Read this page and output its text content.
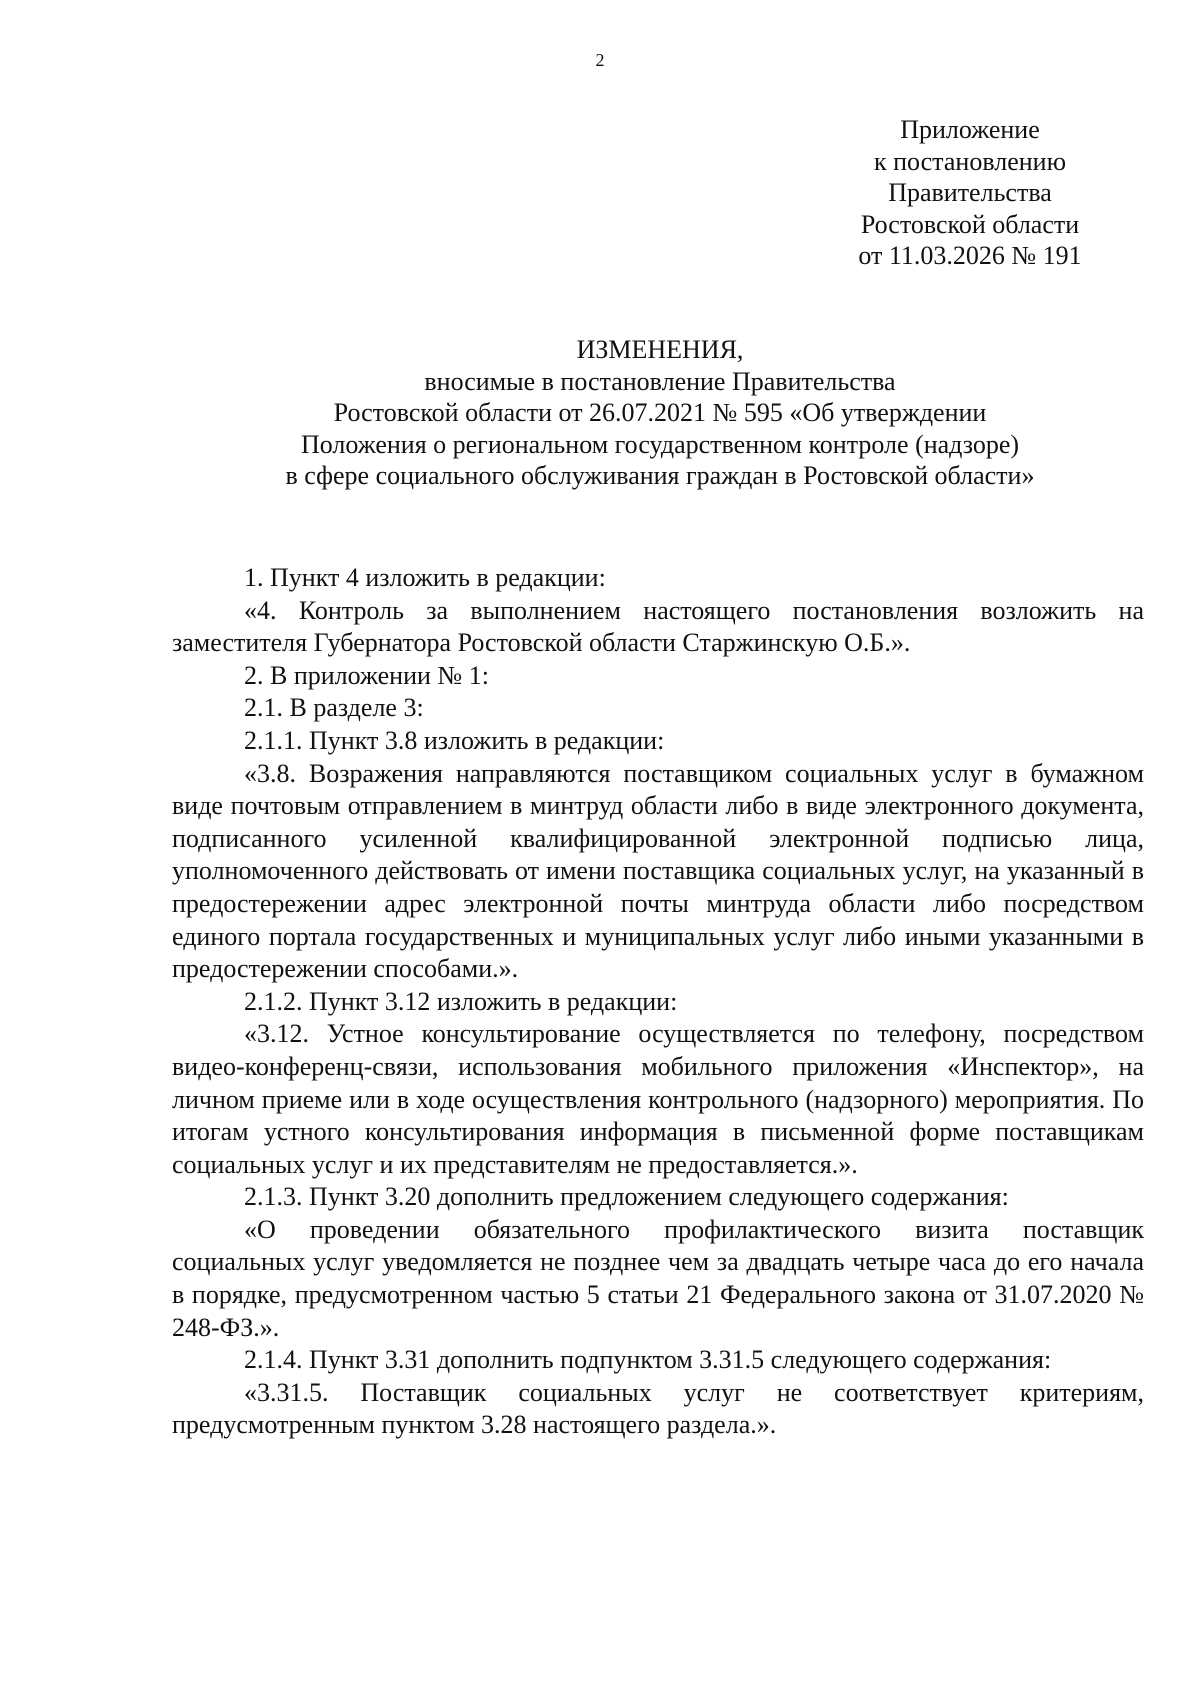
2
Приложение
к постановлению
Правительства
Ростовской области
от 11.03.2026 № 191
ИЗМЕНЕНИЯ,
вносимые в постановление Правительства
Ростовской области от 26.07.2021 № 595 «Об утверждении
Положения о региональном государственном контроле (надзоре)
в сфере социального обслуживания граждан в Ростовской области»

1. Пункт 4 изложить в редакции:

«4. Контроль за выполнением настоящего постановления возложить на заместителя Губернатора Ростовской области Старжинскую О.Б.».

2. В приложении № 1:

2.1. В разделе 3:

2.1.1. Пункт 3.8 изложить в редакции:

«3.8. Возражения направляются поставщиком социальных услуг в бумажном виде почтовым отправлением в минтруд области либо в виде электронного документа, подписанного усиленной квалифицированной электронной подписью лица, уполномоченного действовать от имени поставщика социальных услуг, на указанный в предостережении адрес электронной почты минтруда области либо посредством единого портала государственных и муниципальных услуг либо иными указанными в предостережении способами.».

2.1.2. Пункт 3.12 изложить в редакции:

«3.12. Устное консультирование осуществляется по телефону, посредством видео-конференц-связи, использования мобильного приложения «Инспектор», на личном приеме или в ходе осуществления контрольного (надзорного) мероприятия. По итогам устного консультирования информация в письменной форме поставщикам социальных услуг и их представителям не предоставляется.».

2.1.3. Пункт 3.20 дополнить предложением следующего содержания:

«О проведении обязательного профилактического визита поставщик социальных услуг уведомляется не позднее чем за двадцать четыре часа до его начала в порядке, предусмотренном частью 5 статьи 21 Федерального закона от 31.07.2020 № 248-ФЗ.».

2.1.4. Пункт 3.31 дополнить подпунктом 3.31.5 следующего содержания:

«3.31.5. Поставщик социальных услуг не соответствует критериям, предусмотренным пунктом 3.28 настоящего раздела.».
